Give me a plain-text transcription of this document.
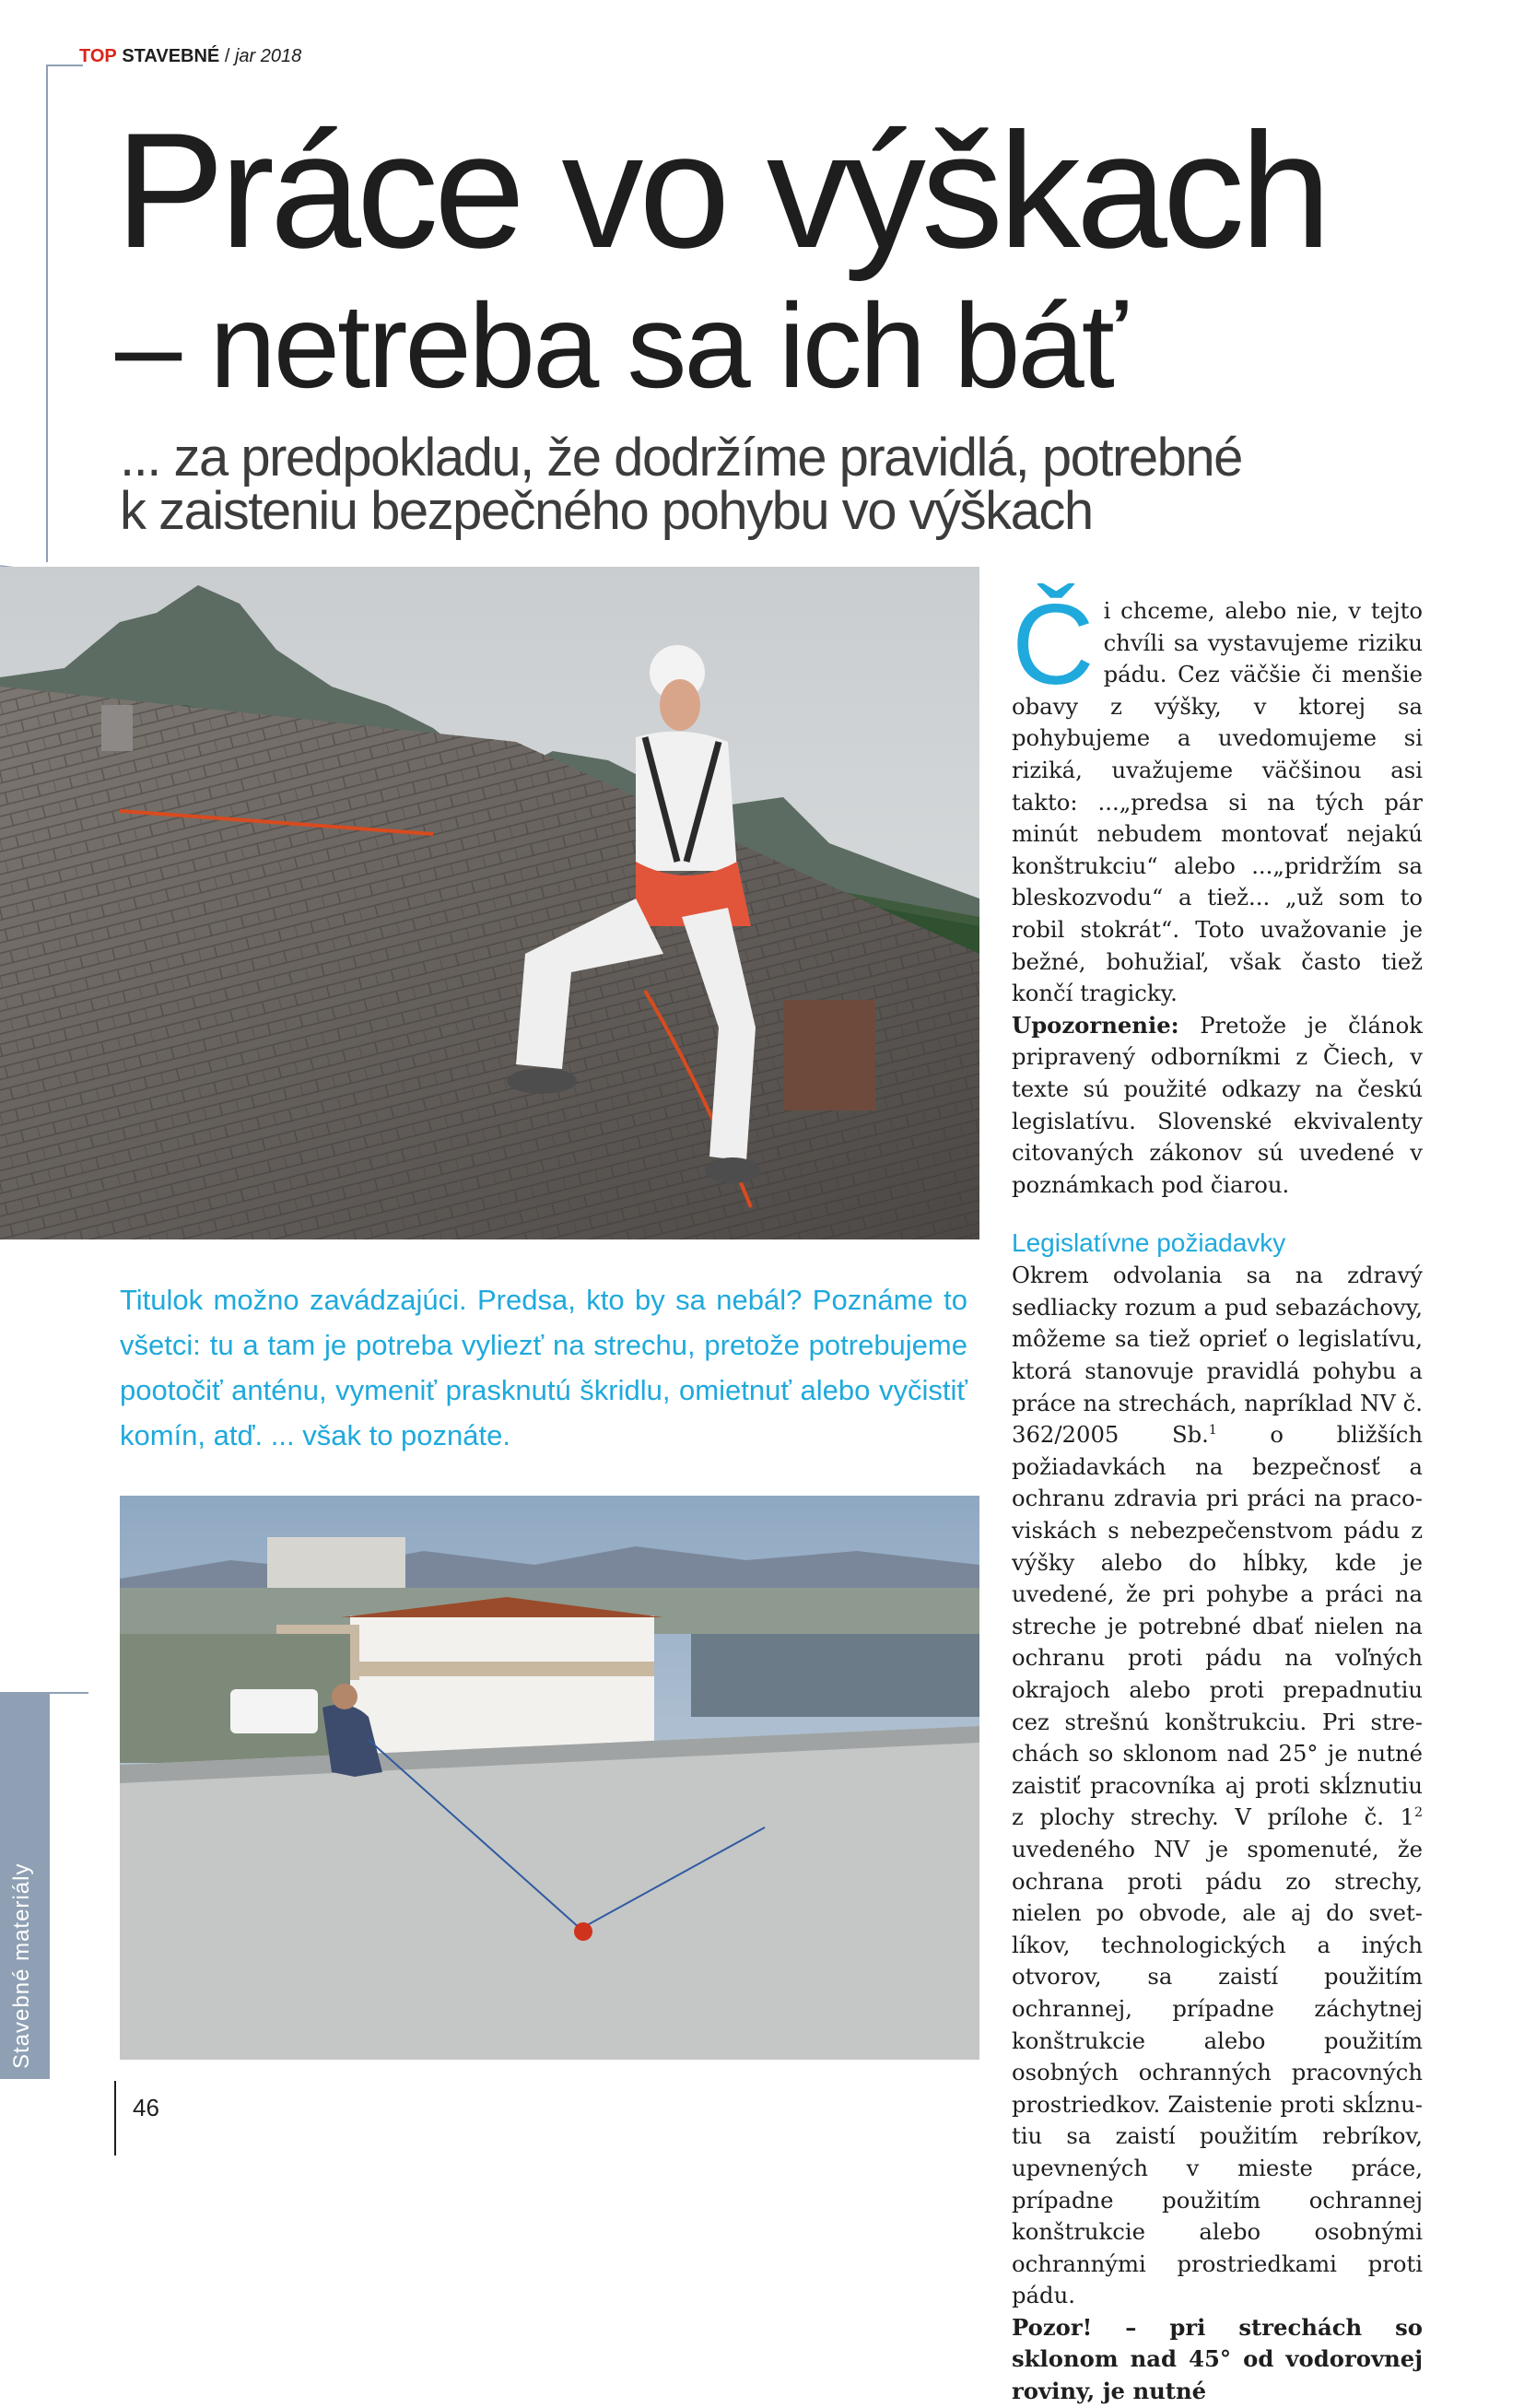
TOP STAVEBNÉ / jar 2018
Práce vo výškach
– netreba sa ich báť
... za predpokladu, že dodržíme pravidlá, potrebné
k zaisteniu bezpečného pohybu vo výškach
Titulok možno zavádzajúci. Predsa, kto by sa nebál? Poznáme to všetci: tu a tam je potreba vyliezť na strechu, pretože potrebujeme pootočiť anténu, vymeniť prasknutú škridlu, omietnuť alebo vyčistiť komín, atď. ... však to poznáte.
Stavebné materiály
46

Či chceme, alebo nie, v tejto chvíli sa vystavujeme riziku pádu. Cez väčšie či menšie obavy z výšky, v ktorej sa pohybujeme a uvedomujeme si riziká, uvažujeme väčšinou asi takto: ...„predsa si na tých pár minút nebudem montovať nejakú konštrukciu“ alebo ...„pridržím sa bleskozvodu“ a tiež... „už som to robil stokrát“. Toto uvažovanie je bežné, bohužiaľ, však často tiež končí tragicky.

Upozornenie: Pretože je článok pripravený odborníkmi z Čiech, v texte sú použité odkazy na českú legislatívu. Slovenské ekvivalenty citovaných zákonov sú uvedené v poznámkach pod čiarou.

Legislatívne požiadavky

Okrem odvolania sa na zdravý sedliacky rozum a pud sebazáchovy, môžeme sa tiež oprieť o legislatívu, ktorá stanovuje pravidlá pohybu a práce na strechách, napríklad NV č. 362/2005 Sb.$^1$ o bližších požiadavkách na bezpečnosť a ochranu zdravia pri práci na pracoviskách s nebezpečenstvom pádu z výšky alebo do hĺbky, kde je uvedené, že pri pohybe a práci na streche je potrebné dbať nielen na ochranu proti pádu na voľných okrajoch alebo proti prepadnutiu cez strešnú konštrukciu. Pri strechách so sklonom nad 25° je nutné zaistiť pracovníka aj proti skĺznutiu z plochy strechy. V prílohe č. $1^2$ uvedeného NV je spomenuté, že ochrana proti pádu zo strechy, nielen po obvode, ale aj do svetlíkov, technologických a iných otvorov, sa zaistí použitím ochrannej, prípadne záchytnej konštrukcie alebo použitím osobných ochranných pracovných prostriedkov. Zaistenie proti skĺznutiu sa zaistí použitím rebríkov, upevnených v mieste práce, prípadne použitím ochrannej konštrukcie alebo osobnými ochrannými prostriedkami proti pádu.

Pozor! – pri strechách so sklonom nad 45° od vodorovnej roviny, je nutné
